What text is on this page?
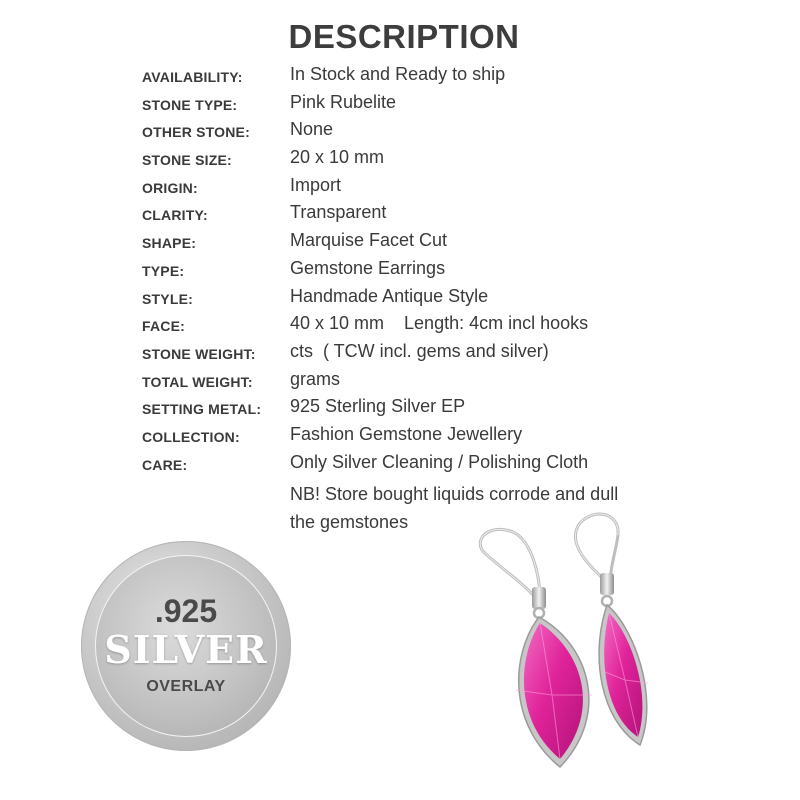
DESCRIPTION
AVAILABILITY:	In Stock and Ready to ship
STONE TYPE:	Pink Rubelite
OTHER STONE: None
STONE SIZE:	20 x 10 mm
ORIGIN:	Import
CLARITY:	Transparent
SHAPE:	Marquise Facet Cut
TYPE:	Gemstone Earrings
STYLE:	Handmade Antique Style
FACE:	40 x 10 mm    Length: 4cm incl hooks
STONE WEIGHT: cts  ( TCW incl. gems and silver)
TOTAL WEIGHT: grams
SETTING METAL: 925 Sterling Silver EP
COLLECTION:	Fashion Gemstone Jewellery
CARE:	Only Silver Cleaning / Polishing Cloth
NB! Store bought liquids corrode and dull
the gemstones
.925
SILVER
OVERLAY
